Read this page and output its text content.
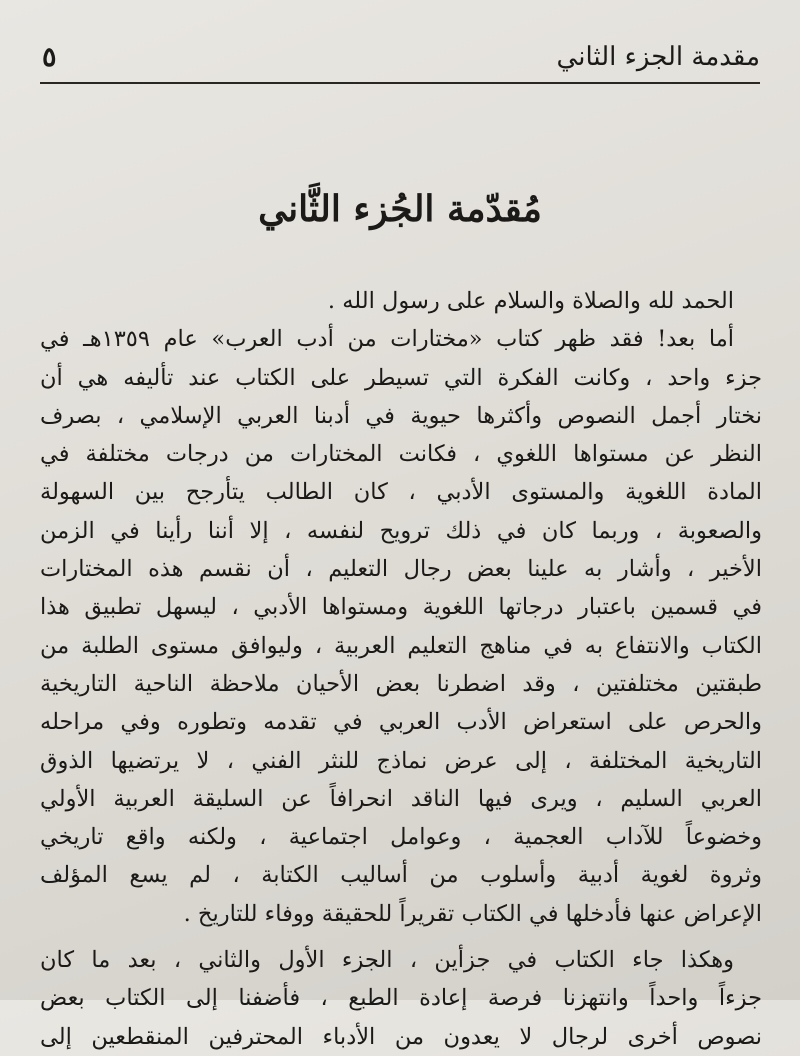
مقدمة الجزء الثاني
٥
مُقدّمة الجُزء الثَّاني
الحمد لله والصلاة والسلام على رسول الله .
أما بعد! فقد ظهر كتاب «مختارات من أدب العرب» عام ١٣٥٩هـ في
جزء واحد ، وكانت الفكرة التي تسيطر على الكتاب عند تأليفه هي أن
نختار أجمل النصوص وأكثرها حيوية في أدبنا العربي الإسلامي ، بصرف
النظر عن مستواها اللغوي ، فكانت المختارات من درجات مختلفة في
المادة اللغوية والمستوى الأدبي ، كان الطالب يتأرجح بين السهولة
والصعوبة ، وربما كان في ذلك ترويح لنفسه ، إلا أننا رأينا في الزمن
الأخير ، وأشار به علينا بعض رجال التعليم ، أن نقسم هذه المختارات
في قسمين باعتبار درجاتها اللغوية ومستواها الأدبي ، ليسهل تطبيق هذا
الكتاب والانتفاع به في مناهج التعليم العربية ، وليوافق مستوى الطلبة من
طبقتين مختلفتين ، وقد اضطرنا بعض الأحيان ملاحظة الناحية التاريخية
والحرص على استعراض الأدب العربي في تقدمه وتطوره وفي مراحله
التاريخية المختلفة ، إلى عرض نماذج للنثر الفني ، لا يرتضيها الذوق
العربي السليم ، ويرى فيها الناقد انحرافاً عن السليقة العربية الأولي
وخضوعاً للآداب العجمية ، وعوامل اجتماعية ، ولكنه واقع تاريخي
وثروة لغوية أدبية وأسلوب من أساليب الكتابة ، لم يسع المؤلف
الإعراض عنها فأدخلها في الكتاب تقريراً للحقيقة ووفاء للتاريخ .
وهكذا جاء الكتاب في جزأين ، الجزء الأول والثاني ، بعد ما كان
جزءاً واحداً وانتهزنا فرصة إعادة الطبع ، فأضفنا إلى الكتاب بعض
نصوص أخرى لرجال لا يعدون من الأدباء المحترفين المنقطعين إلى
